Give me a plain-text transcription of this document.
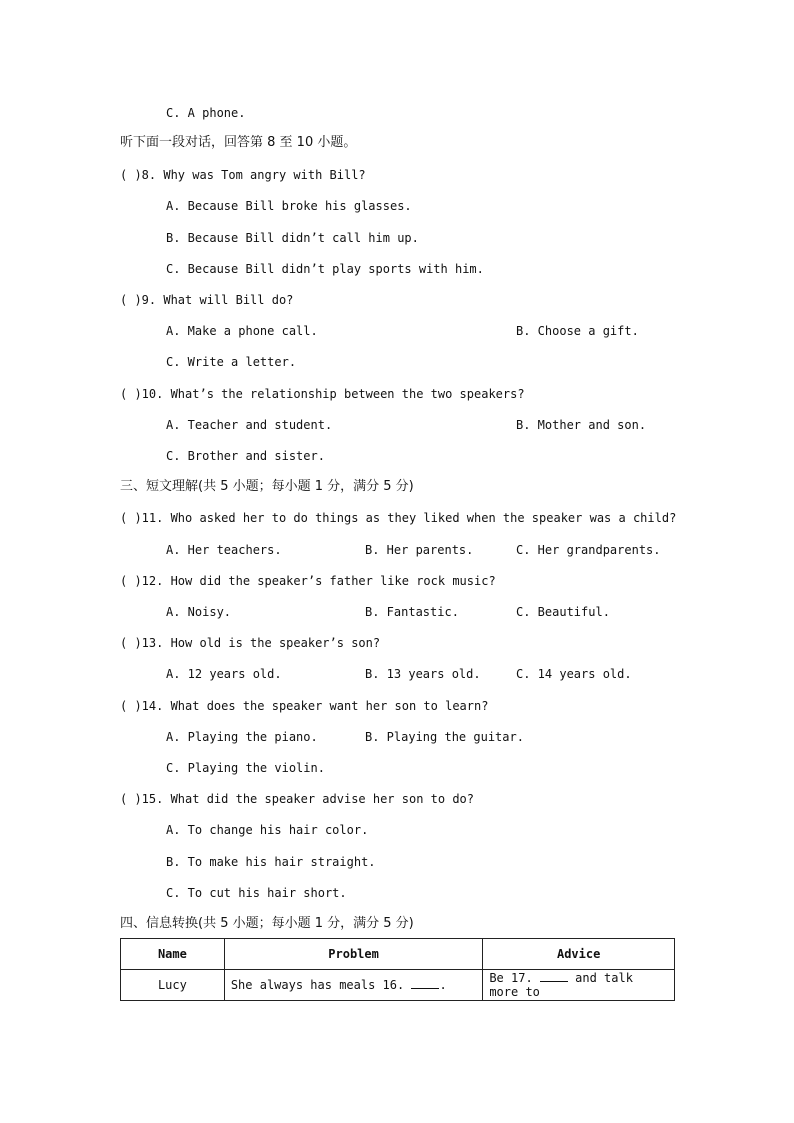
C. A phone.
听下面一段对话，回答第 8 至 10 小题。
( )8. Why was Tom angry with Bill?
A. Because Bill broke his glasses.
B. Because Bill didn’t call him up.
C. Because Bill didn’t play sports with him.
( )9. What will Bill do?
A. Make a phone call.	B. Choose a gift.
C. Write a letter.
( )10. What’s the relationship between the two speakers?
A. Teacher and student.	B. Mother and son.
C. Brother and sister.
三、短文理解(共 5 小题；每小题 1 分，满分 5 分)
( )11. Who asked her to do things as they liked when the speaker was a child?
A. Her teachers.	B. Her parents.	C. Her grandparents.
( )12. How did the speaker’s father like rock music?
A. Noisy.	B. Fantastic.	C. Beautiful.
( )13. How old is the speaker’s son?
A. 12 years old.	B. 13 years old.	C. 14 years old.
( )14. What does the speaker want her son to learn?
A. Playing the piano.	B. Playing the guitar.
C. Playing the violin.
( )15. What did the speaker advise her son to do?
A. To change his hair color.
B. To make his hair straight.
C. To cut his hair short.
四、信息转换(共 5 小题；每小题 1 分，满分 5 分)
Name	Problem	Advice
Lucy	She always has meals 16. .	Be 17. and talk more to
